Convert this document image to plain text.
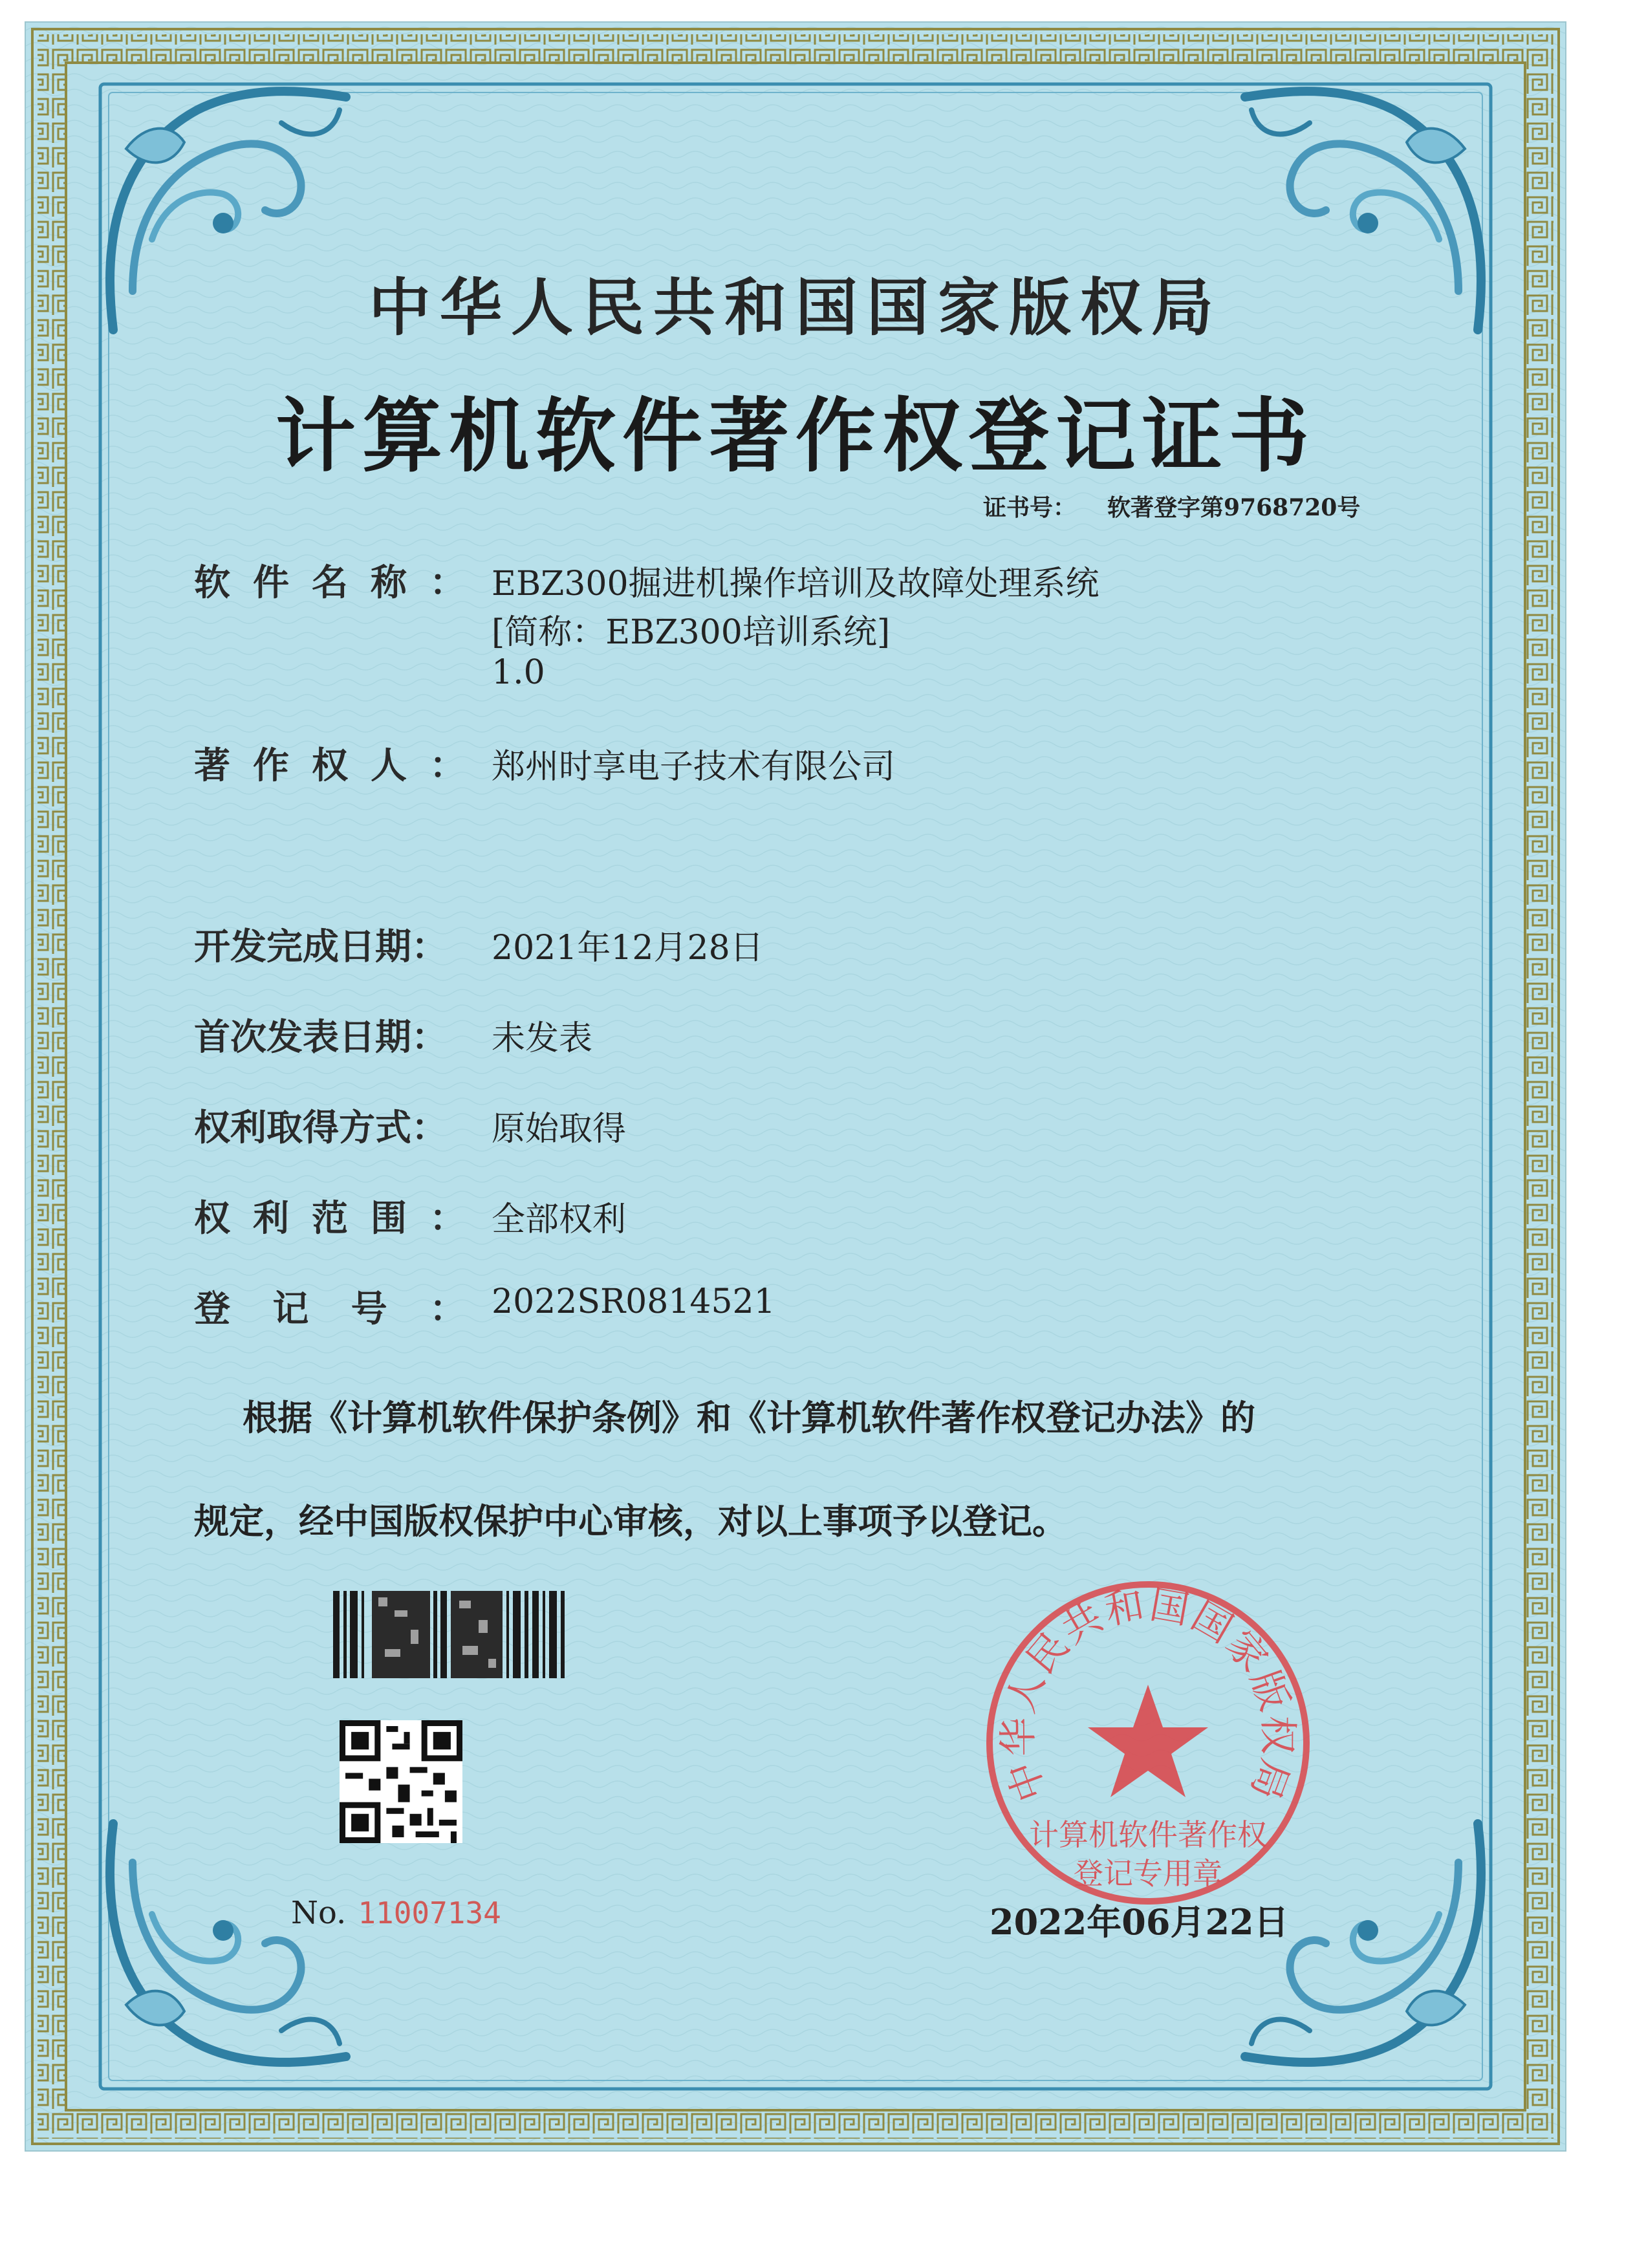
中华人民共和国国家版权局
计算机软件著作权登记证书
证书号： 软著登字第9768720号
软 件 名 称 ： EBZ300掘进机操作培训及故障处理系统
[简称：EBZ300培训系统]
1.0
著 作 权 人 ： 郑州时享电子技术有限公司
开发完成日期： 2021年12月28日
首次发表日期： 未发表
权利取得方式： 原始取得
权 利 范 围 ： 全部权利
登 记 号 ： 2022SR0814521
根据《计算机软件保护条例》和《计算机软件著作权登记办法》的
规定，经中国版权保护中心审核，对以上事项予以登记。
No. 11007134
中华人民共和国国家版权局
计算机软件著作权
登记专用章
2022年06月22日
